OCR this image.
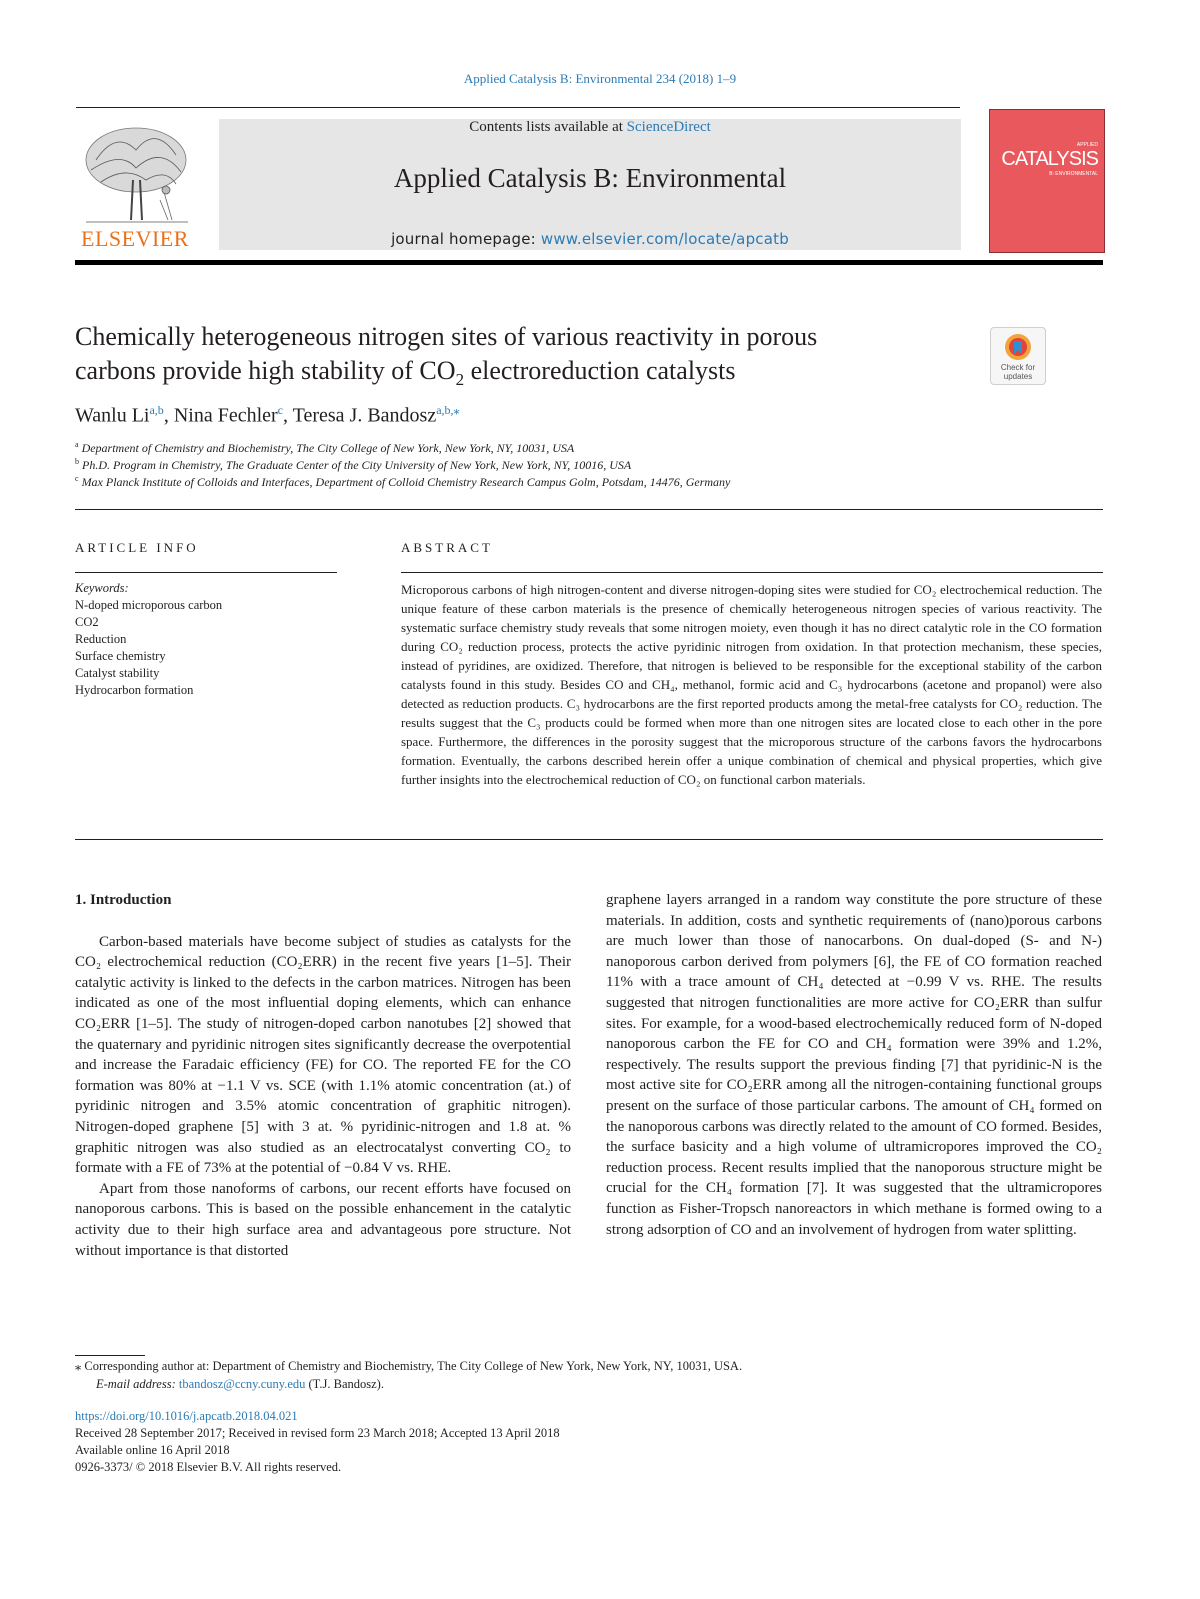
Applied Catalysis B: Environmental 234 (2018) 1–9
ELSEVIER
Contents lists available at ScienceDirect
Applied Catalysis B: Environmental
journal homepage: www.elsevier.com/locate/apcatb
APPLIED
CATALYSIS
B: ENVIRONMENTAL
Chemically heterogeneous nitrogen sites of various reactivity in porous
carbons provide high stability of $CO_2$ electroreduction catalysts	Check for updates
Wanlu Li$^{a,b}$, Nina Fechler$^c$, Teresa J. Bandosz$^{a,b,⁎}$
$^a$ Department of Chemistry and Biochemistry, The City College of New York, New York, NY, 10031, USA
$^b$ Ph.D. Program in Chemistry, The Graduate Center of the City University of New York, New York, NY, 10016, USA
$^c$ Max Planck Institute of Colloids and Interfaces, Department of Colloid Chemistry Research Campus Golm, Potsdam, 14476, Germany
ARTICLE INFO
Keywords:
N-doped microporous carbon
CO2
Reduction
Surface chemistry
Catalyst stability
Hydrocarbon formation
ABSTRACT
Microporous carbons of high nitrogen-content and diverse nitrogen-doping sites were studied for CO₂ electrochemical reduction. The unique feature of these carbon materials is the presence of chemically heterogeneous nitrogen species of various reactivity. The systematic surface chemistry study reveals that some nitrogen moiety, even though it has no direct catalytic role in the CO formation during CO₂ reduction process, protects the active pyridinic nitrogen from oxidation. In that protection mechanism, these species, instead of pyridines, are oxidized. Therefore, that nitrogen is believed to be responsible for the exceptional stability of the carbon catalysts found in this study. Besides CO and CH₄, methanol, formic acid and C₃ hydrocarbons (acetone and propanol) were also detected as reduction products. C₃ hydrocarbons are the first reported products among the metal-free catalysts for CO₂ reduction. The results suggest that the C₃ products could be formed when more than one nitrogen sites are located close to each other in the pore space. Furthermore, the differences in the porosity suggest that the microporous structure of the carbons favors the hydrocarbons formation. Eventually, the carbons described herein offer a unique combination of chemical and physical properties, which give further insights into the electrochemical reduction of CO₂ on functional carbon materials.

1. Introduction

Carbon-based materials have become subject of studies as catalysts for the CO₂ electrochemical reduction (CO₂ERR) in the recent five years [1–5]. Their catalytic activity is linked to the defects in the carbon matrices. Nitrogen has been indicated as one of the most influential doping elements, which can enhance CO₂ERR [1–5]. The study of nitrogen-doped carbon nanotubes [2] showed that the quaternary and pyridinic nitrogen sites significantly decrease the overpotential and increase the Faradaic efficiency (FE) for CO. The reported FE for the CO formation was 80% at −1.1 V vs. SCE (with 1.1% atomic concentration (at.) of pyridinic nitrogen and 3.5% atomic concentration of graphitic nitrogen). Nitrogen-doped graphene [5] with 3 at. % pyridinic-nitrogen and 1.8 at. % graphitic nitrogen was also studied as an electrocatalyst converting CO₂ to formate with a FE of 73% at the potential of −0.84 V vs. RHE.

Apart from those nanoforms of carbons, our recent efforts have focused on nanoporous carbons. This is based on the possible enhancement in the catalytic activity due to their high surface area and advantageous pore structure. Not without importance is that distorted

graphene layers arranged in a random way constitute the pore structure of these materials. In addition, costs and synthetic requirements of (nano)porous carbons are much lower than those of nanocarbons. On dual-doped (S- and N-) nanoporous carbon derived from polymers [6], the FE of CO formation reached 11% with a trace amount of CH₄ detected at −0.99 V vs. RHE. The results suggested that nitrogen functionalities are more active for CO₂ERR than sulfur sites. For example, for a wood-based electrochemically reduced form of N-doped nanoporous carbon the FE for CO and CH₄ formation were 39% and 1.2%, respectively. The results support the previous finding [7] that pyridinic-N is the most active site for CO₂ERR among all the nitrogen-containing functional groups present on the surface of those particular carbons. The amount of CH₄ formed on the nanoporous carbons was directly related to the amount of CO formed. Besides, the surface basicity and a high volume of ultramicropores improved the CO₂ reduction process. Recent results implied that the nanoporous structure might be crucial for the CH₄ formation [7]. It was suggested that the ultramicropores function as Fisher-Tropsch nanoreactors in which methane is formed owing to a strong adsorption of CO and an involvement of hydrogen from water splitting.

⁎ Corresponding author at: Department of Chemistry and Biochemistry, The City College of New York, New York, NY, 10031, USA.
E-mail address: tbandosz@ccny.cuny.edu (T.J. Bandosz).
https://doi.org/10.1016/j.apcatb.2018.04.021
Received 28 September 2017; Received in revised form 23 March 2018; Accepted 13 April 2018
Available online 16 April 2018
0926-3373/ © 2018 Elsevier B.V. All rights reserved.
